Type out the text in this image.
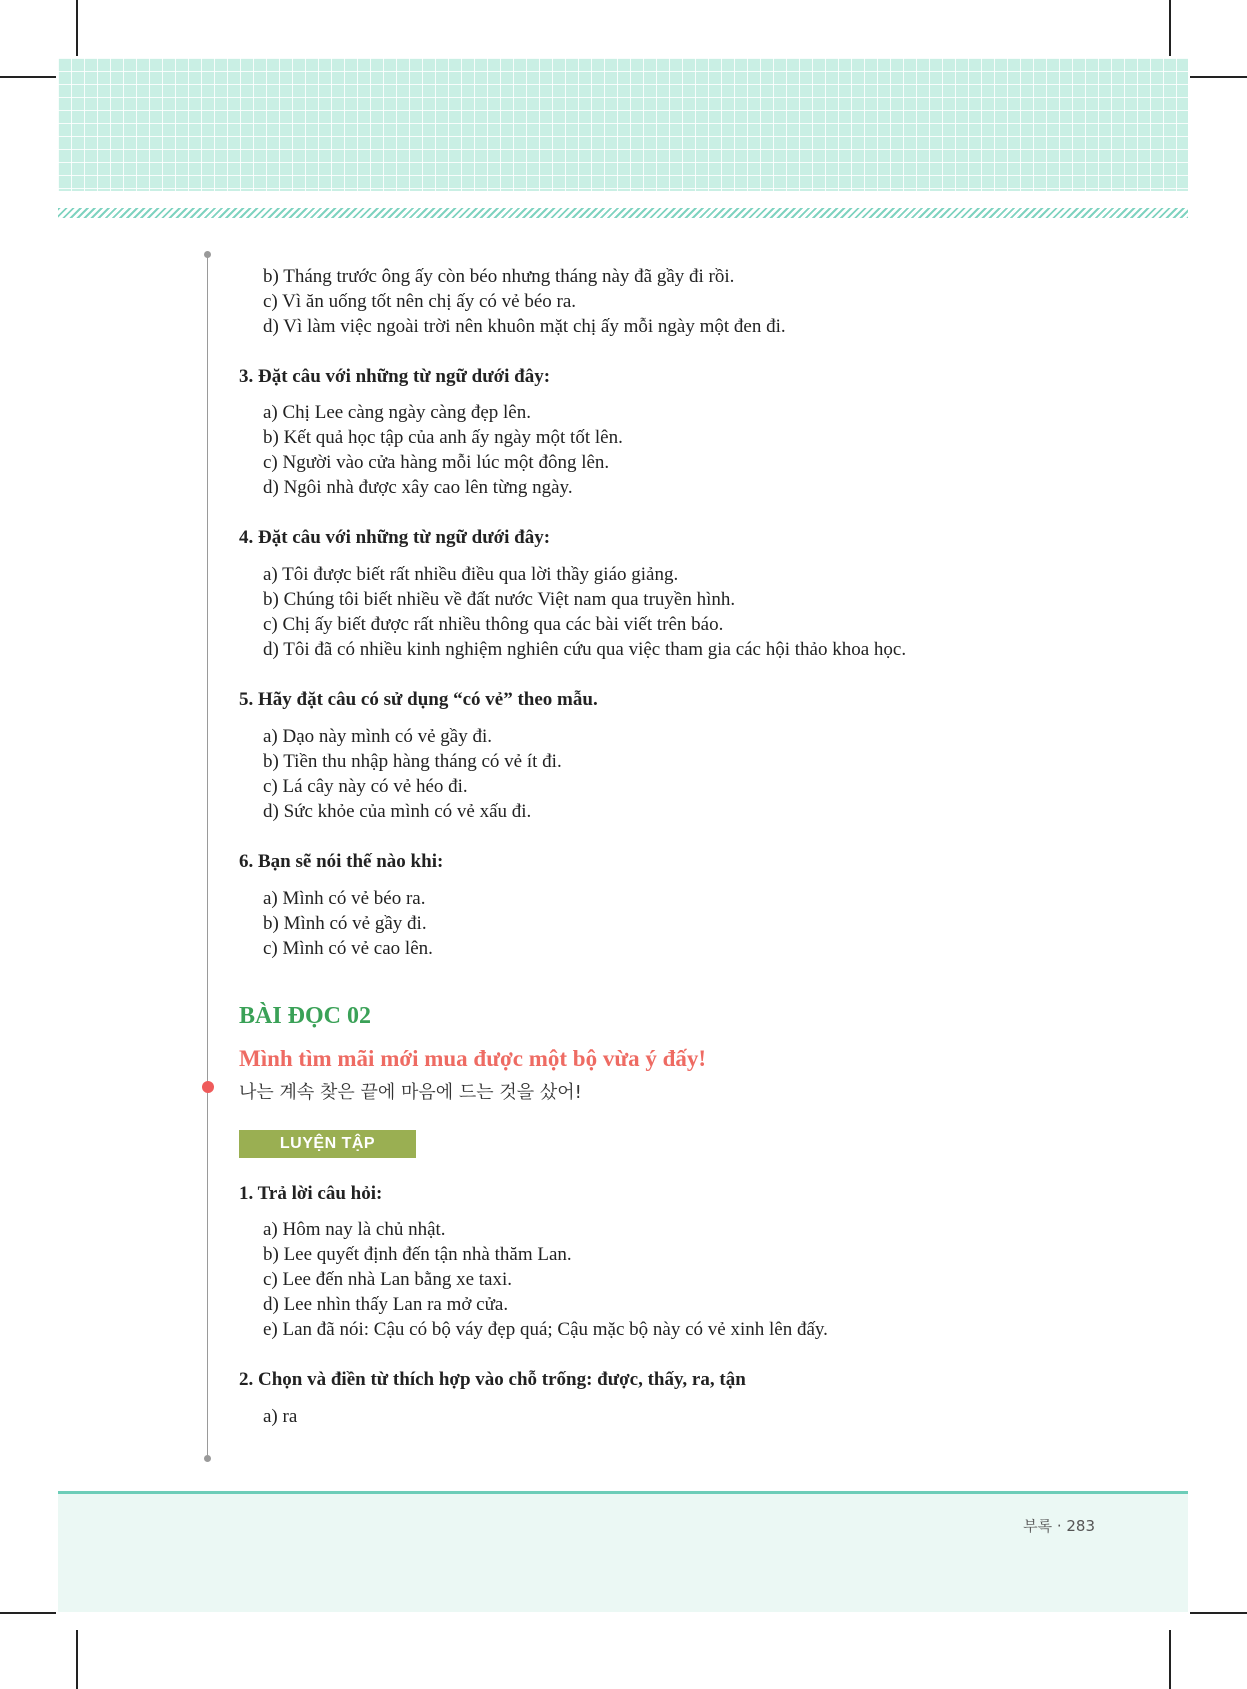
b) Tháng trước ông ấy còn béo nhưng tháng này đã gầy đi rồi.
c) Vì ăn uống tốt nên chị ấy có vẻ béo ra.
d) Vì làm việc ngoài trời nên khuôn mặt chị ấy mỗi ngày một đen đi.
3. Đặt câu với những từ ngữ dưới đây:
a) Chị Lee càng ngày càng đẹp lên.
b) Kết quả học tập của anh ấy ngày một tốt lên.
c) Người vào cửa hàng mỗi lúc một đông lên.
d) Ngôi nhà được xây cao lên từng ngày.
4. Đặt câu với những từ ngữ dưới đây:
a) Tôi được biết rất nhiều điều qua lời thầy giáo giảng.
b) Chúng tôi biết nhiều về đất nước Việt nam qua truyền hình.
c) Chị ấy biết được rất nhiều thông qua các bài viết trên báo.
d) Tôi đã có nhiều kinh nghiệm nghiên cứu qua việc tham gia các hội thảo khoa học.
5. Hãy đặt câu có sử dụng “có vẻ” theo mẫu.
a) Dạo này mình có vẻ gầy đi.
b) Tiền thu nhập hàng tháng có vẻ ít đi.
c) Lá cây này có vẻ héo đi.
d) Sức khỏe của mình có vẻ xấu đi.
6. Bạn sẽ nói thế nào khi:
a) Mình có vẻ béo ra.
b) Mình có vẻ gầy đi.
c) Mình có vẻ cao lên.
BÀI ĐỌC 02
Mình tìm mãi mới mua được một bộ vừa ý đấy!
나는 계속 찾은 끝에 마음에 드는 것을 샀어!
LUYỆN TẬP
1. Trả lời câu hỏi:
a) Hôm nay là chủ nhật.
b) Lee quyết định đến tận nhà thăm Lan.
c) Lee đến nhà Lan bằng xe taxi.
d) Lee nhìn thấy Lan ra mở cửa.
e) Lan đã nói: Cậu có bộ váy đẹp quá; Cậu mặc bộ này có vẻ xinh lên đấy.
2. Chọn và điền từ thích hợp vào chỗ trống: được, thấy, ra, tận
a) ra
부록 · 283
